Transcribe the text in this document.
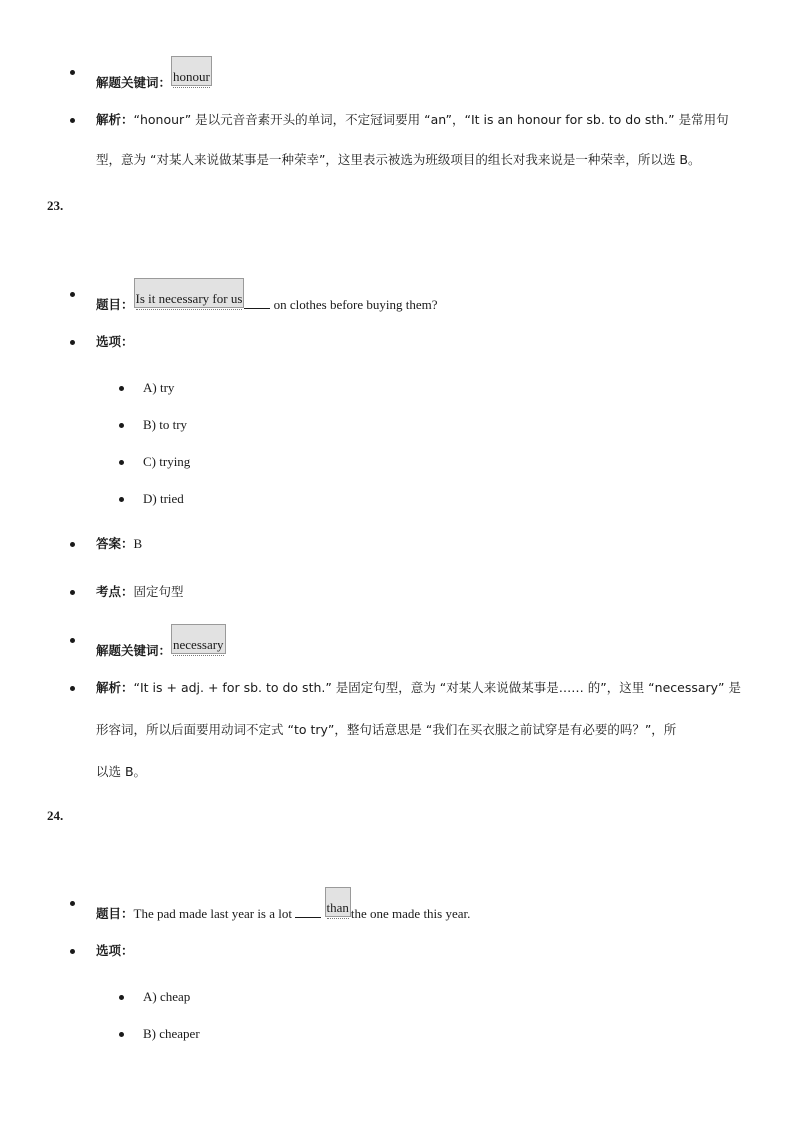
解题关键词： honour
解析：“honour” 是以元音音素开头的单词，不定冠词要用 “an”，“It is an honour for sb. to do sth.” 是常用句
型，意为 “对某人来说做某事是一种荣幸”，这里表示被选为班级项目的组长对我来说是一种荣幸，所以选 B。
23.
题目： Is it necessary for us on clothes before buying them?
选项：
A) try
B) to try
C) trying
D) tried
答案：B
考点：固定句型
解题关键词： necessary
解析：“It is + adj. + for sb. to do sth.” 是固定句型，意为 “对某人来说做某事是…… 的”，这里 “necessary” 是
形容词，所以后面要用动词不定式 “to try”，整句话意思是 “我们在买衣服之前试穿是有必要的吗？”，所
以选 B。
24.
题目：The pad made last year is a lot	than the one made this year.
选项：
A) cheap
B) cheaper
